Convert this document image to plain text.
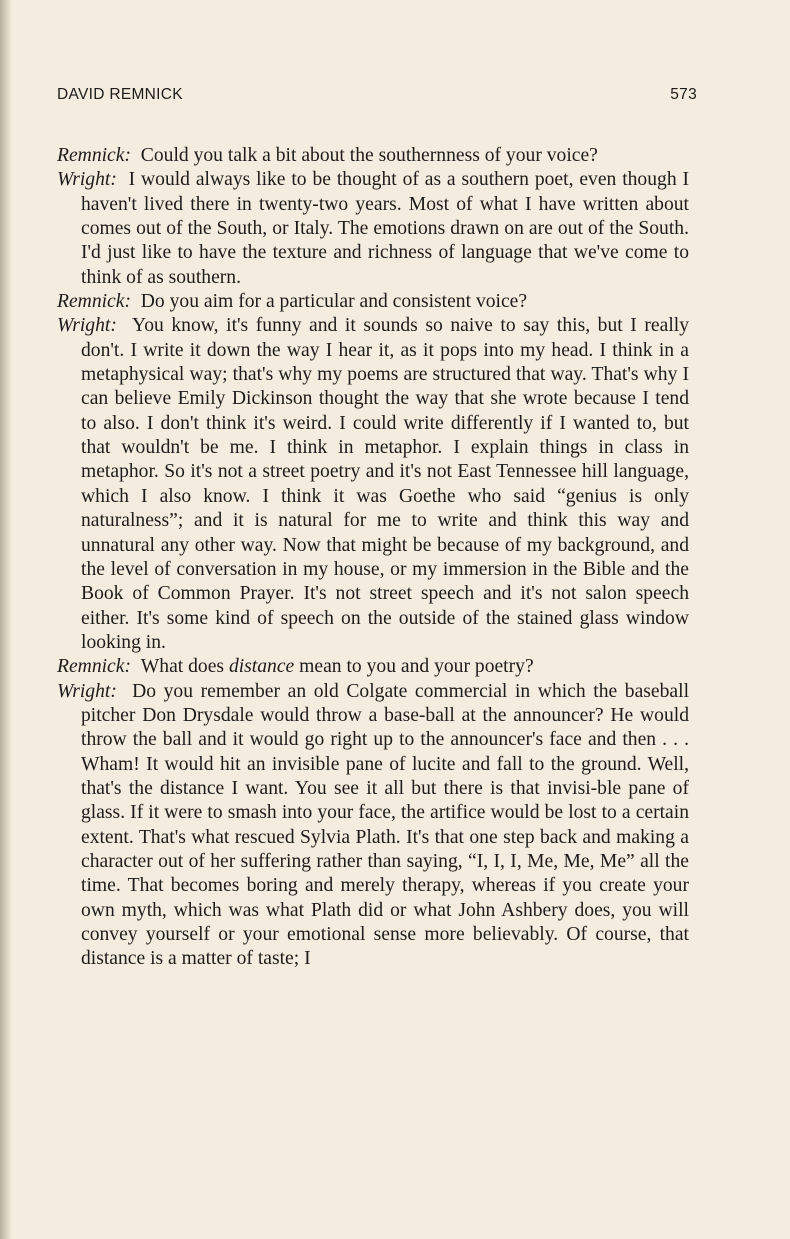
DAVID REMNICK	573

Remnick: Could you talk a bit about the southernness of your voice?

Wright: I would always like to be thought of as a southern poet, even though I haven't lived there in twenty-two years. Most of what I have written about comes out of the South, or Italy. The emotions drawn on are out of the South. I'd just like to have the texture and richness of language that we've come to think of as southern.

Remnick: Do you aim for a particular and consistent voice?

Wright: You know, it's funny and it sounds so naive to say this, but I really don't. I write it down the way I hear it, as it pops into my head. I think in a metaphysical way; that's why my poems are structured that way. That's why I can believe Emily Dickinson thought the way that she wrote because I tend to also. I don't think it's weird. I could write differently if I wanted to, but that wouldn't be me. I think in metaphor. I explain things in class in metaphor. So it's not a street poetry and it's not East Tennessee hill language, which I also know. I think it was Goethe who said “genius is only naturalness”; and it is natural for me to write and think this way and unnatural any other way. Now that might be because of my background, and the level of conversation in my house, or my immersion in the Bible and the Book of Common Prayer. It's not street speech and it's not salon speech either. It's some kind of speech on the outside of the stained glass window looking in.

Remnick: What does distance mean to you and your poetry?

Wright: Do you remember an old Colgate commercial in which the baseball pitcher Don Drysdale would throw a base-ball at the announcer? He would throw the ball and it would go right up to the announcer's face and then . . . Wham! It would hit an invisible pane of lucite and fall to the ground. Well, that's the distance I want. You see it all but there is that invisi-ble pane of glass. If it were to smash into your face, the artifice would be lost to a certain extent. That's what rescued Sylvia Plath. It's that one step back and making a character out of her suffering rather than saying, “I, I, I, Me, Me, Me” all the time. That becomes boring and merely therapy, whereas if you create your own myth, which was what Plath did or what John Ashbery does, you will convey yourself or your emotional sense more believably. Of course, that distance is a matter of taste; I
